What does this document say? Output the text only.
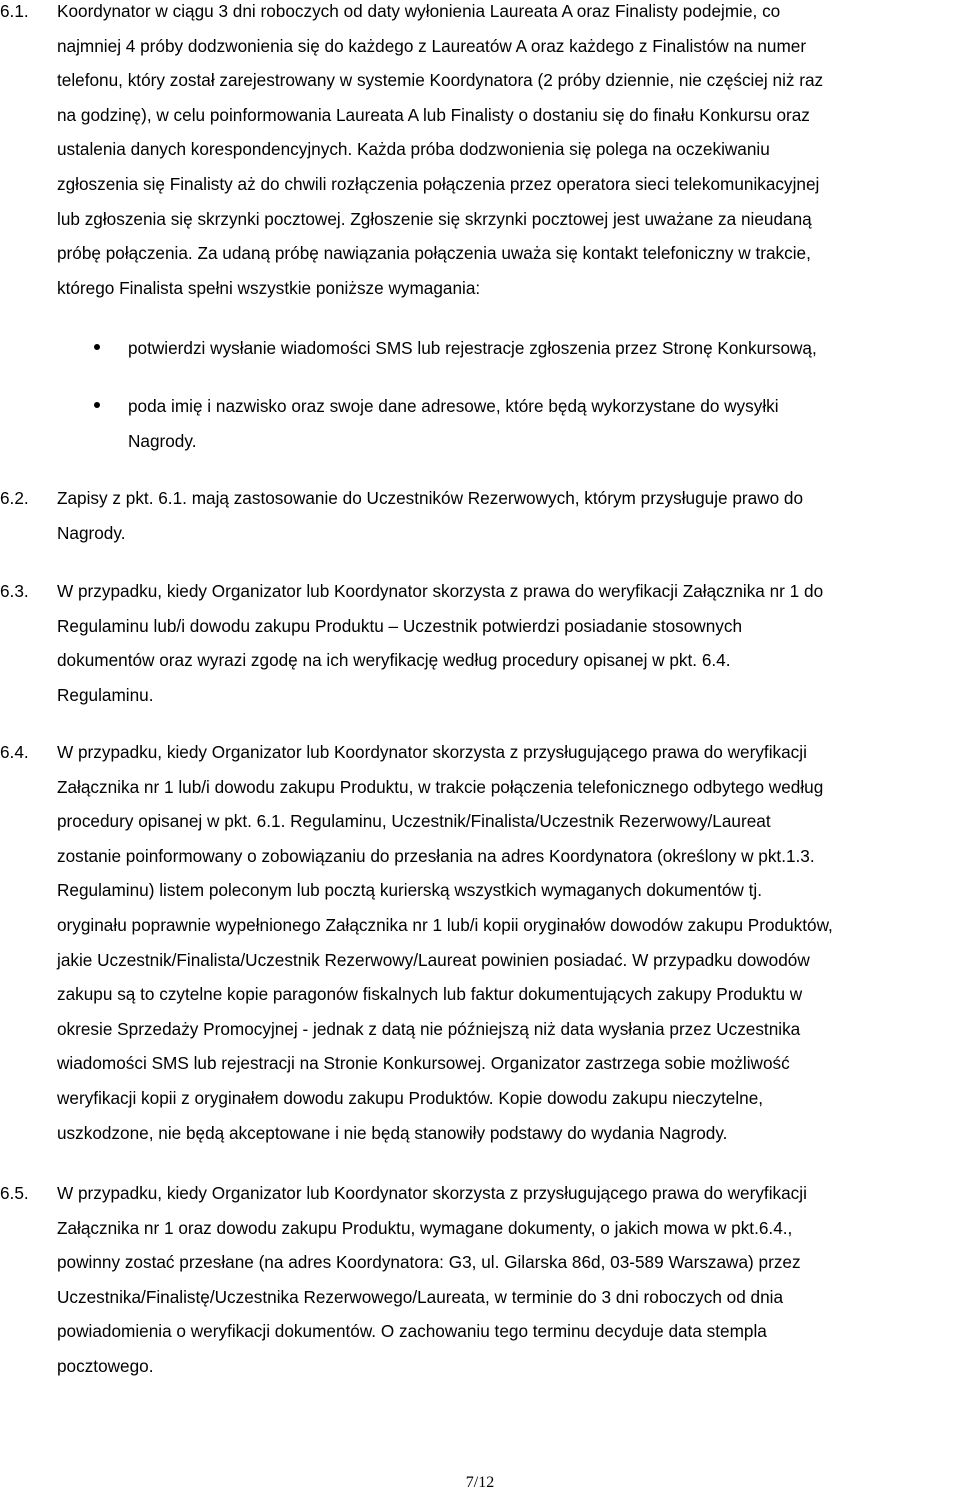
6.1.	Koordynator w ciągu 3 dni roboczych od daty wyłonienia Laureata A oraz Finalisty podejmie, co
najmniej 4 próby dodzwonienia się do każdego z Laureatów A oraz każdego z Finalistów na numer
telefonu, który został zarejestrowany w systemie Koordynatora (2 próby dziennie, nie częściej niż raz
na godzinę), w celu poinformowania Laureata A lub Finalisty o dostaniu się do finału Konkursu oraz
ustalenia danych korespondencyjnych. Każda próba dodzwonienia się polega na oczekiwaniu
zgłoszenia się Finalisty aż do chwili rozłączenia połączenia przez operatora sieci telekomunikacyjnej
lub zgłoszenia się skrzynki pocztowej. Zgłoszenie się skrzynki pocztowej jest uważane za nieudaną
próbę połączenia. Za udaną próbę nawiązania połączenia uważa się kontakt telefoniczny w trakcie,
którego Finalista spełni wszystkie poniższe wymagania:
potwierdzi wysłanie wiadomości SMS lub rejestracje zgłoszenia przez Stronę Konkursową,
poda imię i nazwisko oraz swoje dane adresowe, które będą wykorzystane do wysyłki
Nagrody.
6.2.	Zapisy z pkt. 6.1. mają zastosowanie do Uczestników Rezerwowych, którym przysługuje prawo do
Nagrody.
6.3.	W przypadku, kiedy Organizator lub Koordynator skorzysta z prawa do weryfikacji Załącznika nr 1 do
Regulaminu lub/i dowodu zakupu Produktu – Uczestnik potwierdzi posiadanie stosownych
dokumentów oraz wyrazi zgodę na ich weryfikację według procedury opisanej w pkt. 6.4.
Regulaminu.
6.4.	W przypadku, kiedy Organizator lub Koordynator skorzysta z przysługującego prawa do weryfikacji
Załącznika nr 1 lub/i dowodu zakupu Produktu, w trakcie połączenia telefonicznego odbytego według
procedury opisanej w pkt. 6.1. Regulaminu, Uczestnik/Finalista/Uczestnik Rezerwowy/Laureat
zostanie poinformowany o zobowiązaniu do przesłania na adres Koordynatora (określony w pkt.1.3.
Regulaminu) listem poleconym lub pocztą kurierską wszystkich wymaganych dokumentów tj.
oryginału poprawnie wypełnionego Załącznika nr 1 lub/i kopii oryginałów dowodów zakupu Produktów,
jakie Uczestnik/Finalista/Uczestnik Rezerwowy/Laureat powinien posiadać. W przypadku dowodów
zakupu są to czytelne kopie paragonów fiskalnych lub faktur dokumentujących zakupy Produktu w
okresie Sprzedaży Promocyjnej - jednak z datą nie późniejszą niż data wysłania przez Uczestnika
wiadomości SMS lub rejestracji na Stronie Konkursowej. Organizator zastrzega sobie możliwość
weryfikacji kopii z oryginałem dowodu zakupu Produktów. Kopie dowodu zakupu nieczytelne,
uszkodzone, nie będą akceptowane i nie będą stanowiły podstawy do wydania Nagrody.
6.5.	W przypadku, kiedy Organizator lub Koordynator skorzysta z przysługującego prawa do weryfikacji
Załącznika nr 1 oraz dowodu zakupu Produktu, wymagane dokumenty, o jakich mowa w pkt.6.4.,
powinny zostać przesłane (na adres Koordynatora: G3, ul. Gilarska 86d, 03-589 Warszawa) przez
Uczestnika/Finalistę/Uczestnika Rezerwowego/Laureata, w terminie do 3 dni roboczych od dnia
powiadomienia o weryfikacji dokumentów. O zachowaniu tego terminu decyduje data stempla
pocztowego.
7/12
